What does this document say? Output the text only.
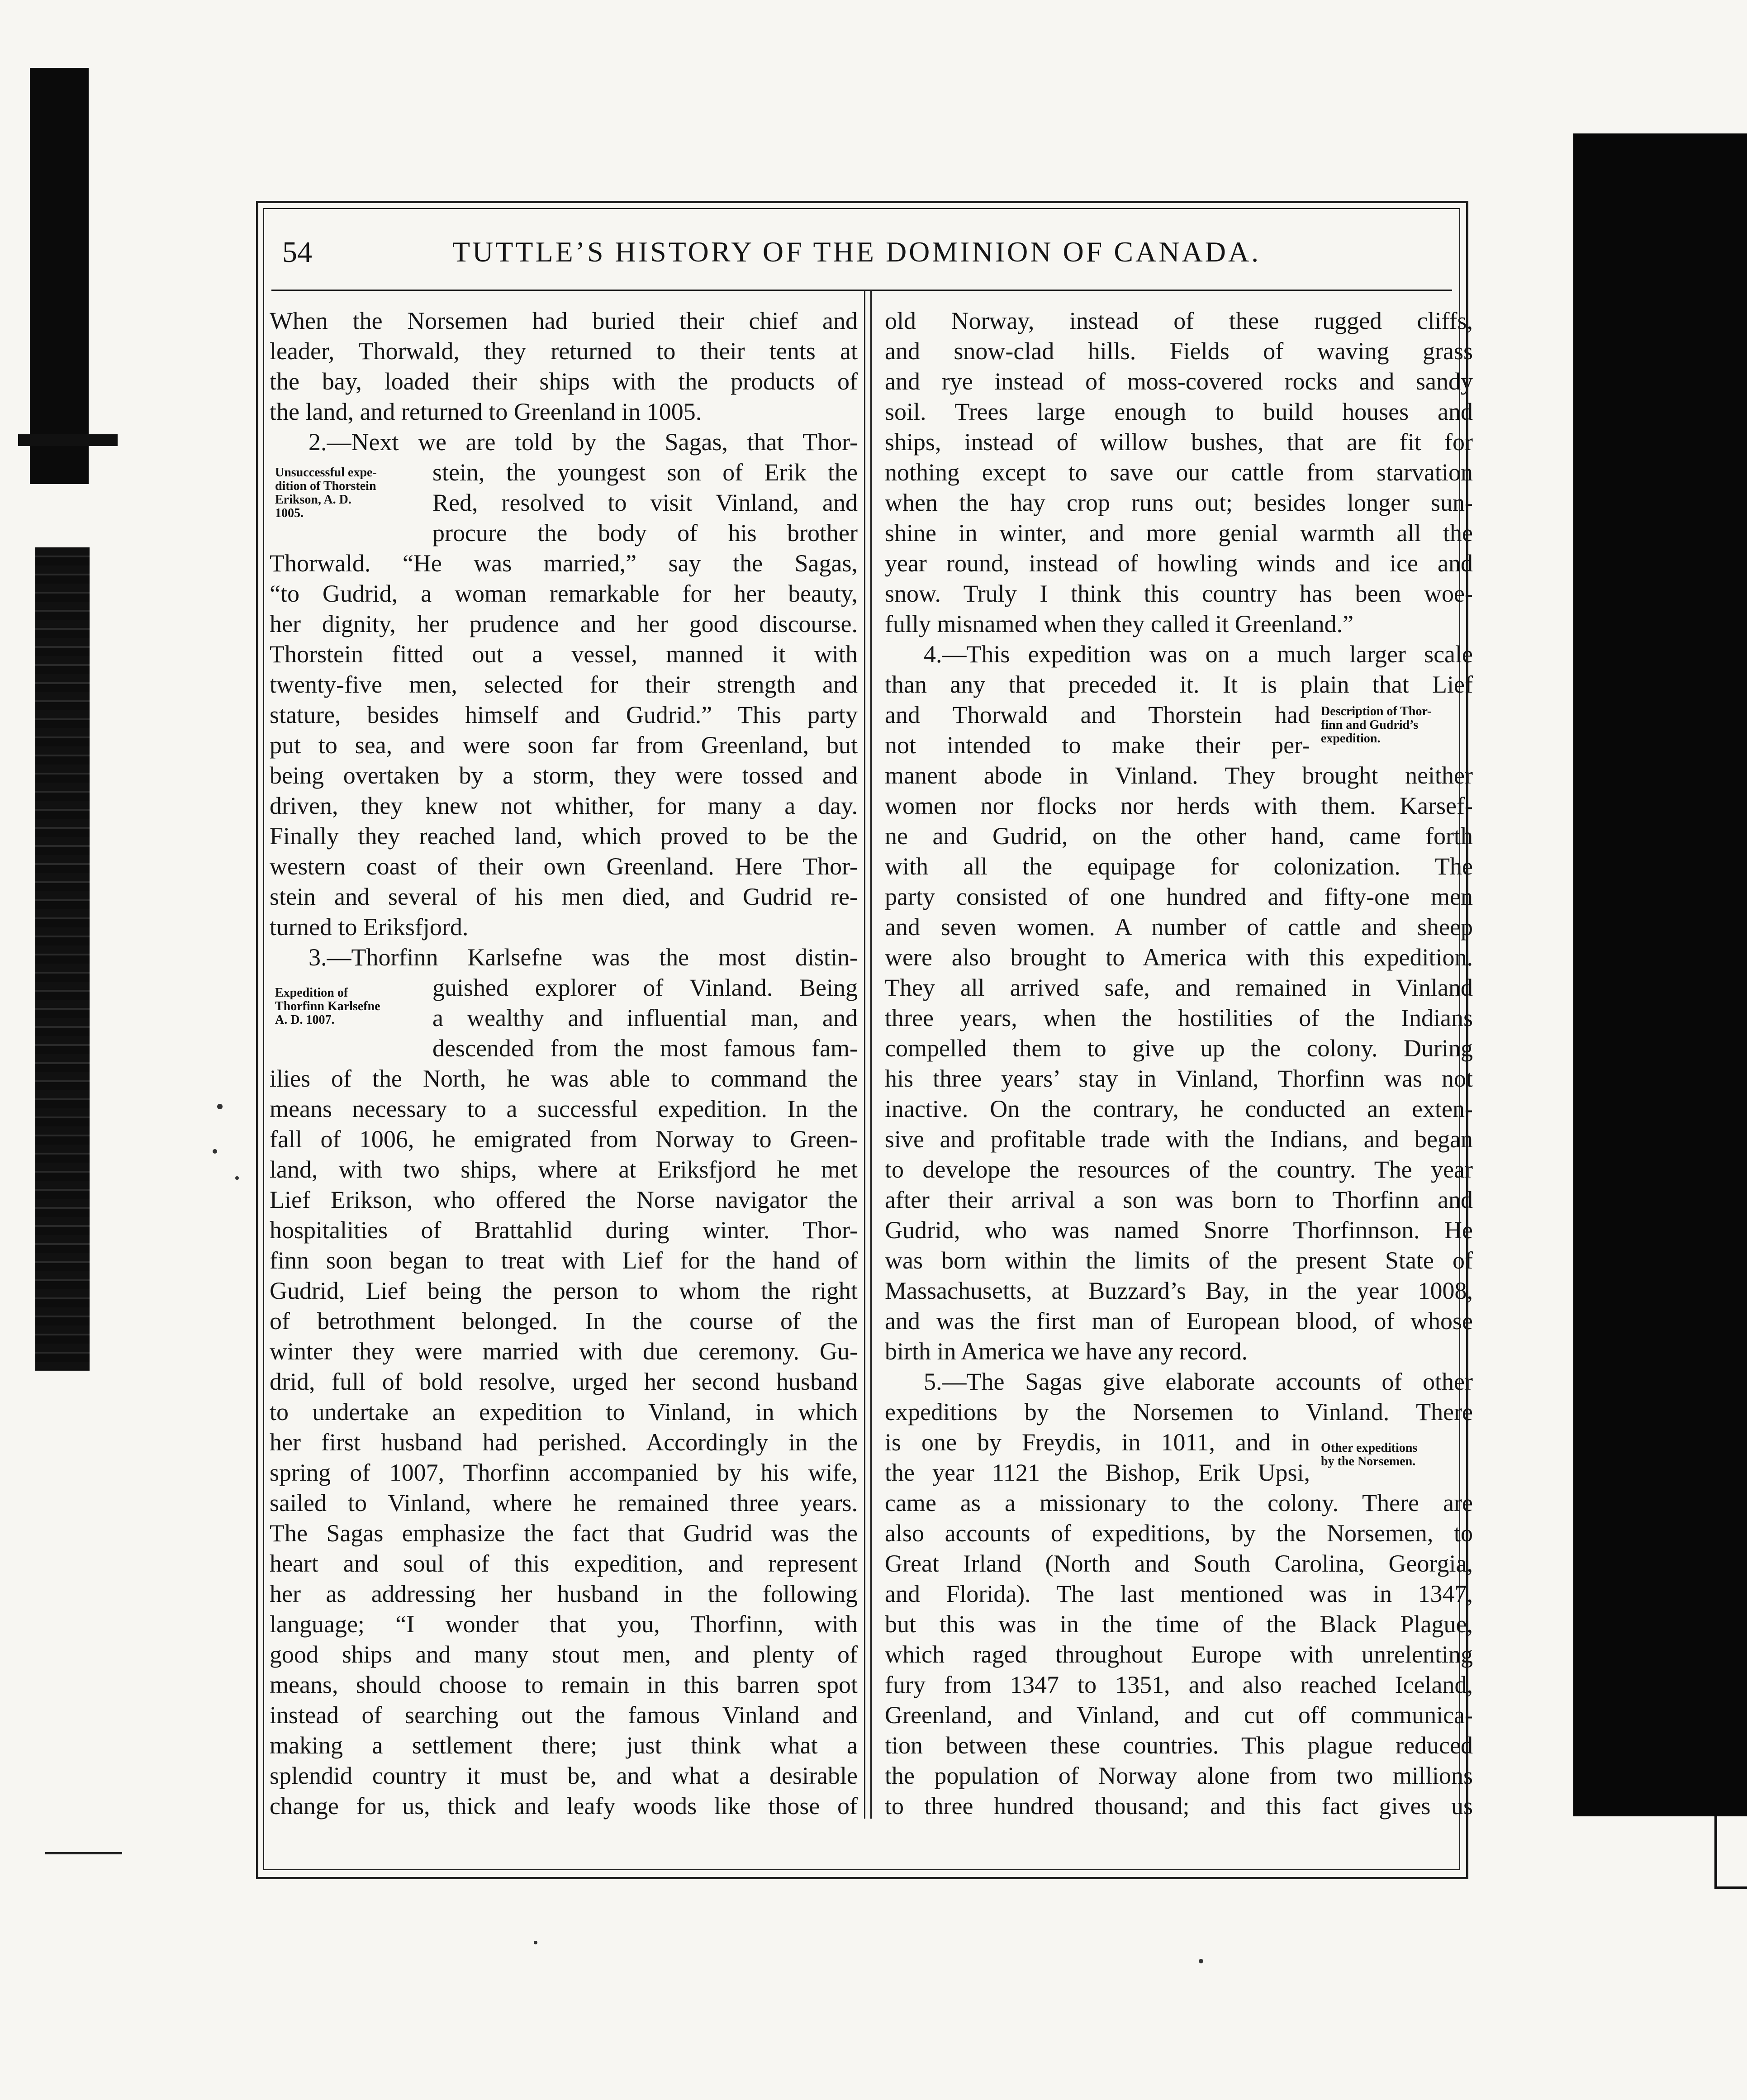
54	TUTTLE’S HISTORY OF THE DOMINION OF CANADA.
When the Norsemen had buried their chief and
leader, Thorwald, they returned to their tents at
the bay, loaded their ships with the products of
the land, and returned to Greenland in 1005.
2.—Next we are told by the Sagas, that Thor-
stein, the youngest son of Erik the
Red, resolved to visit Vinland, and
procure the body of his brother
Thorwald. “He was married,” say the Sagas,
“to Gudrid, a woman remarkable for her beauty,
her dignity, her prudence and her good discourse.
Thorstein fitted out a vessel, manned it with
twenty-five men, selected for their strength and
stature, besides himself and Gudrid.” This party
put to sea, and were soon far from Greenland, but
being overtaken by a storm, they were tossed and
driven, they knew not whither, for many a day.
Finally they reached land, which proved to be the
western coast of their own Greenland. Here Thor-
stein and several of his men died, and Gudrid re-
turned to Eriksfjord.
3.—Thorfinn Karlsefne was the most distin-
guished explorer of Vinland. Being
a wealthy and influential man, and
descended from the most famous fam-
ilies of the North, he was able to command the
means necessary to a successful expedition. In the
fall of 1006, he emigrated from Norway to Green-
land, with two ships, where at Eriksfjord he met
Lief Erikson, who offered the Norse navigator the
hospitalities of Brattahlid during winter. Thor-
finn soon began to treat with Lief for the hand of
Gudrid, Lief being the person to whom the right
of betrothment belonged. In the course of the
winter they were married with due ceremony. Gu-
drid, full of bold resolve, urged her second husband
to undertake an expedition to Vinland, in which
her first husband had perished. Accordingly in the
spring of 1007, Thorfinn accompanied by his wife,
sailed to Vinland, where he remained three years.
The Sagas emphasize the fact that Gudrid was the
heart and soul of this expedition, and represent
her as addressing her husband in the following
language; “I wonder that you, Thorfinn, with
good ships and many stout men, and plenty of
means, should choose to remain in this barren spot
instead of searching out the famous Vinland and
making a settlement there; just think what a
splendid country it must be, and what a desirable
change for us, thick and leafy woods like those of
old Norway, instead of these rugged cliffs,
and snow-clad hills. Fields of waving grass
and rye instead of moss-covered rocks and sandy
soil. Trees large enough to build houses and
ships, instead of willow bushes, that are fit for
nothing except to save our cattle from starvation
when the hay crop runs out; besides longer sun-
shine in winter, and more genial warmth all the
year round, instead of howling winds and ice and
snow. Truly I think this country has been woe-
fully misnamed when they called it Greenland.”
4.—This expedition was on a much larger scale
than any that preceded it. It is plain that Lief
and Thorwald and Thorstein had
not intended to make their per-
manent abode in Vinland. They brought neither
women nor flocks nor herds with them. Karsef-
ne and Gudrid, on the other hand, came forth
with all the equipage for colonization. The
party consisted of one hundred and fifty-one men
and seven women. A number of cattle and sheep
were also brought to America with this expedition.
They all arrived safe, and remained in Vinland
three years, when the hostilities of the Indians
compelled them to give up the colony. During
his three years’ stay in Vinland, Thorfinn was not
inactive. On the contrary, he conducted an exten-
sive and profitable trade with the Indians, and began
to develope the resources of the country. The year
after their arrival a son was born to Thorfinn and
Gudrid, who was named Snorre Thorfinnson. He
was born within the limits of the present State of
Massachusetts, at Buzzard’s Bay, in the year 1008,
and was the first man of European blood, of whose
birth in America we have any record.
5.—The Sagas give elaborate accounts of other
expeditions by the Norsemen to Vinland. There
is one by Freydis, in 1011, and in
the year 1121 the Bishop, Erik Upsi,
came as a missionary to the colony. There are
also accounts of expeditions, by the Norsemen, to
Great Irland (North and South Carolina, Georgia,
and Florida). The last mentioned was in 1347,
but this was in the time of the Black Plague,
which raged throughout Europe with unrelenting
fury from 1347 to 1351, and also reached Iceland,
Greenland, and Vinland, and cut off communica-
tion between these countries. This plague reduced
the population of Norway alone from two millions
to three hundred thousand; and this fact gives us
Unsuccessful expe-
dition of Thorstein
Erikson, A. D.
1005.
Expedition of
Thorfinn Karlsefne
A. D. 1007.
Description of Thor-
finn and Gudrid’s
expedition.
Other expeditions
by the Norsemen.
